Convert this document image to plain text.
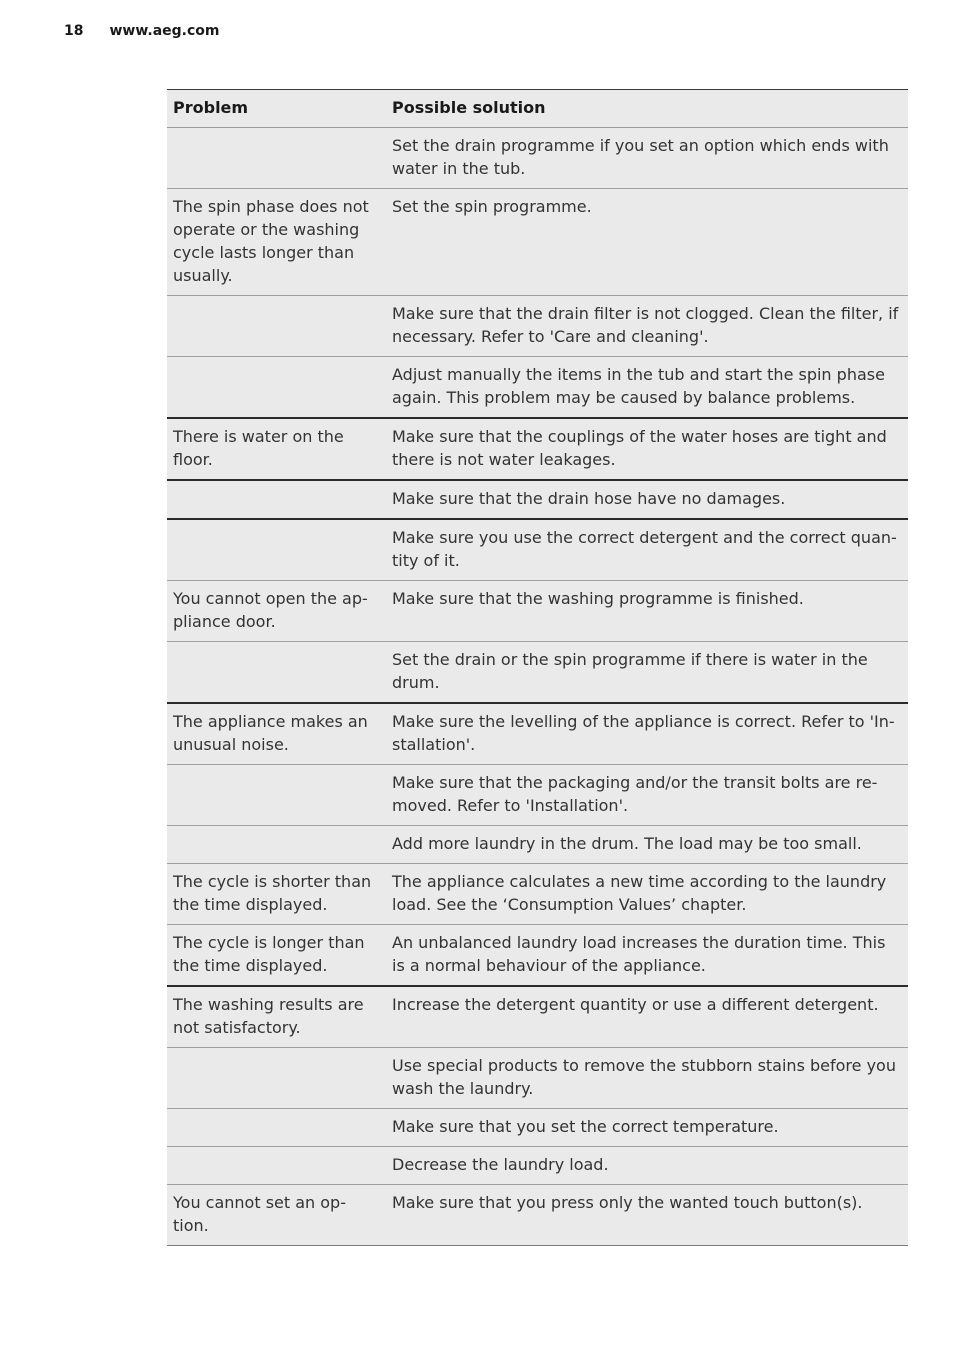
18 www.aeg.com
Problem	Possible solution
	Set the drain programme if you set an option which ends with water in the tub.
The spin phase does not operate or the washing cycle lasts longer than usually.	Set the spin programme.
	Make sure that the drain filter is not clogged. Clean the filter, if necessary. Refer to 'Care and cleaning'.
	Adjust manually the items in the tub and start the spin phase again. This problem may be caused by balance problems.
There is water on the floor.	Make sure that the couplings of the water hoses are tight and there is not water leakages.
	Make sure that the drain hose have no damages.
	Make sure you use the correct detergent and the correct quan-tity of it.
You cannot open the ap-pliance door.	Make sure that the washing programme is finished.
	Set the drain or the spin programme if there is water in the drum.
The appliance makes an unusual noise.	Make sure the levelling of the appliance is correct. Refer to 'In-stallation'.
	Make sure that the packaging and/or the transit bolts are re-moved. Refer to 'Installation'.
	Add more laundry in the drum. The load may be too small.
The cycle is shorter than the time displayed.	The appliance calculates a new time according to the laundry load. See the ‘Consumption Values’ chapter.
The cycle is longer than the time displayed.	An unbalanced laundry load increases the duration time. This is a normal behaviour of the appliance.
The washing results are not satisfactory.	Increase the detergent quantity or use a different detergent.
	Use special products to remove the stubborn stains before you wash the laundry.
	Make sure that you set the correct temperature.
	Decrease the laundry load.
You cannot set an op-tion.	Make sure that you press only the wanted touch button(s).
